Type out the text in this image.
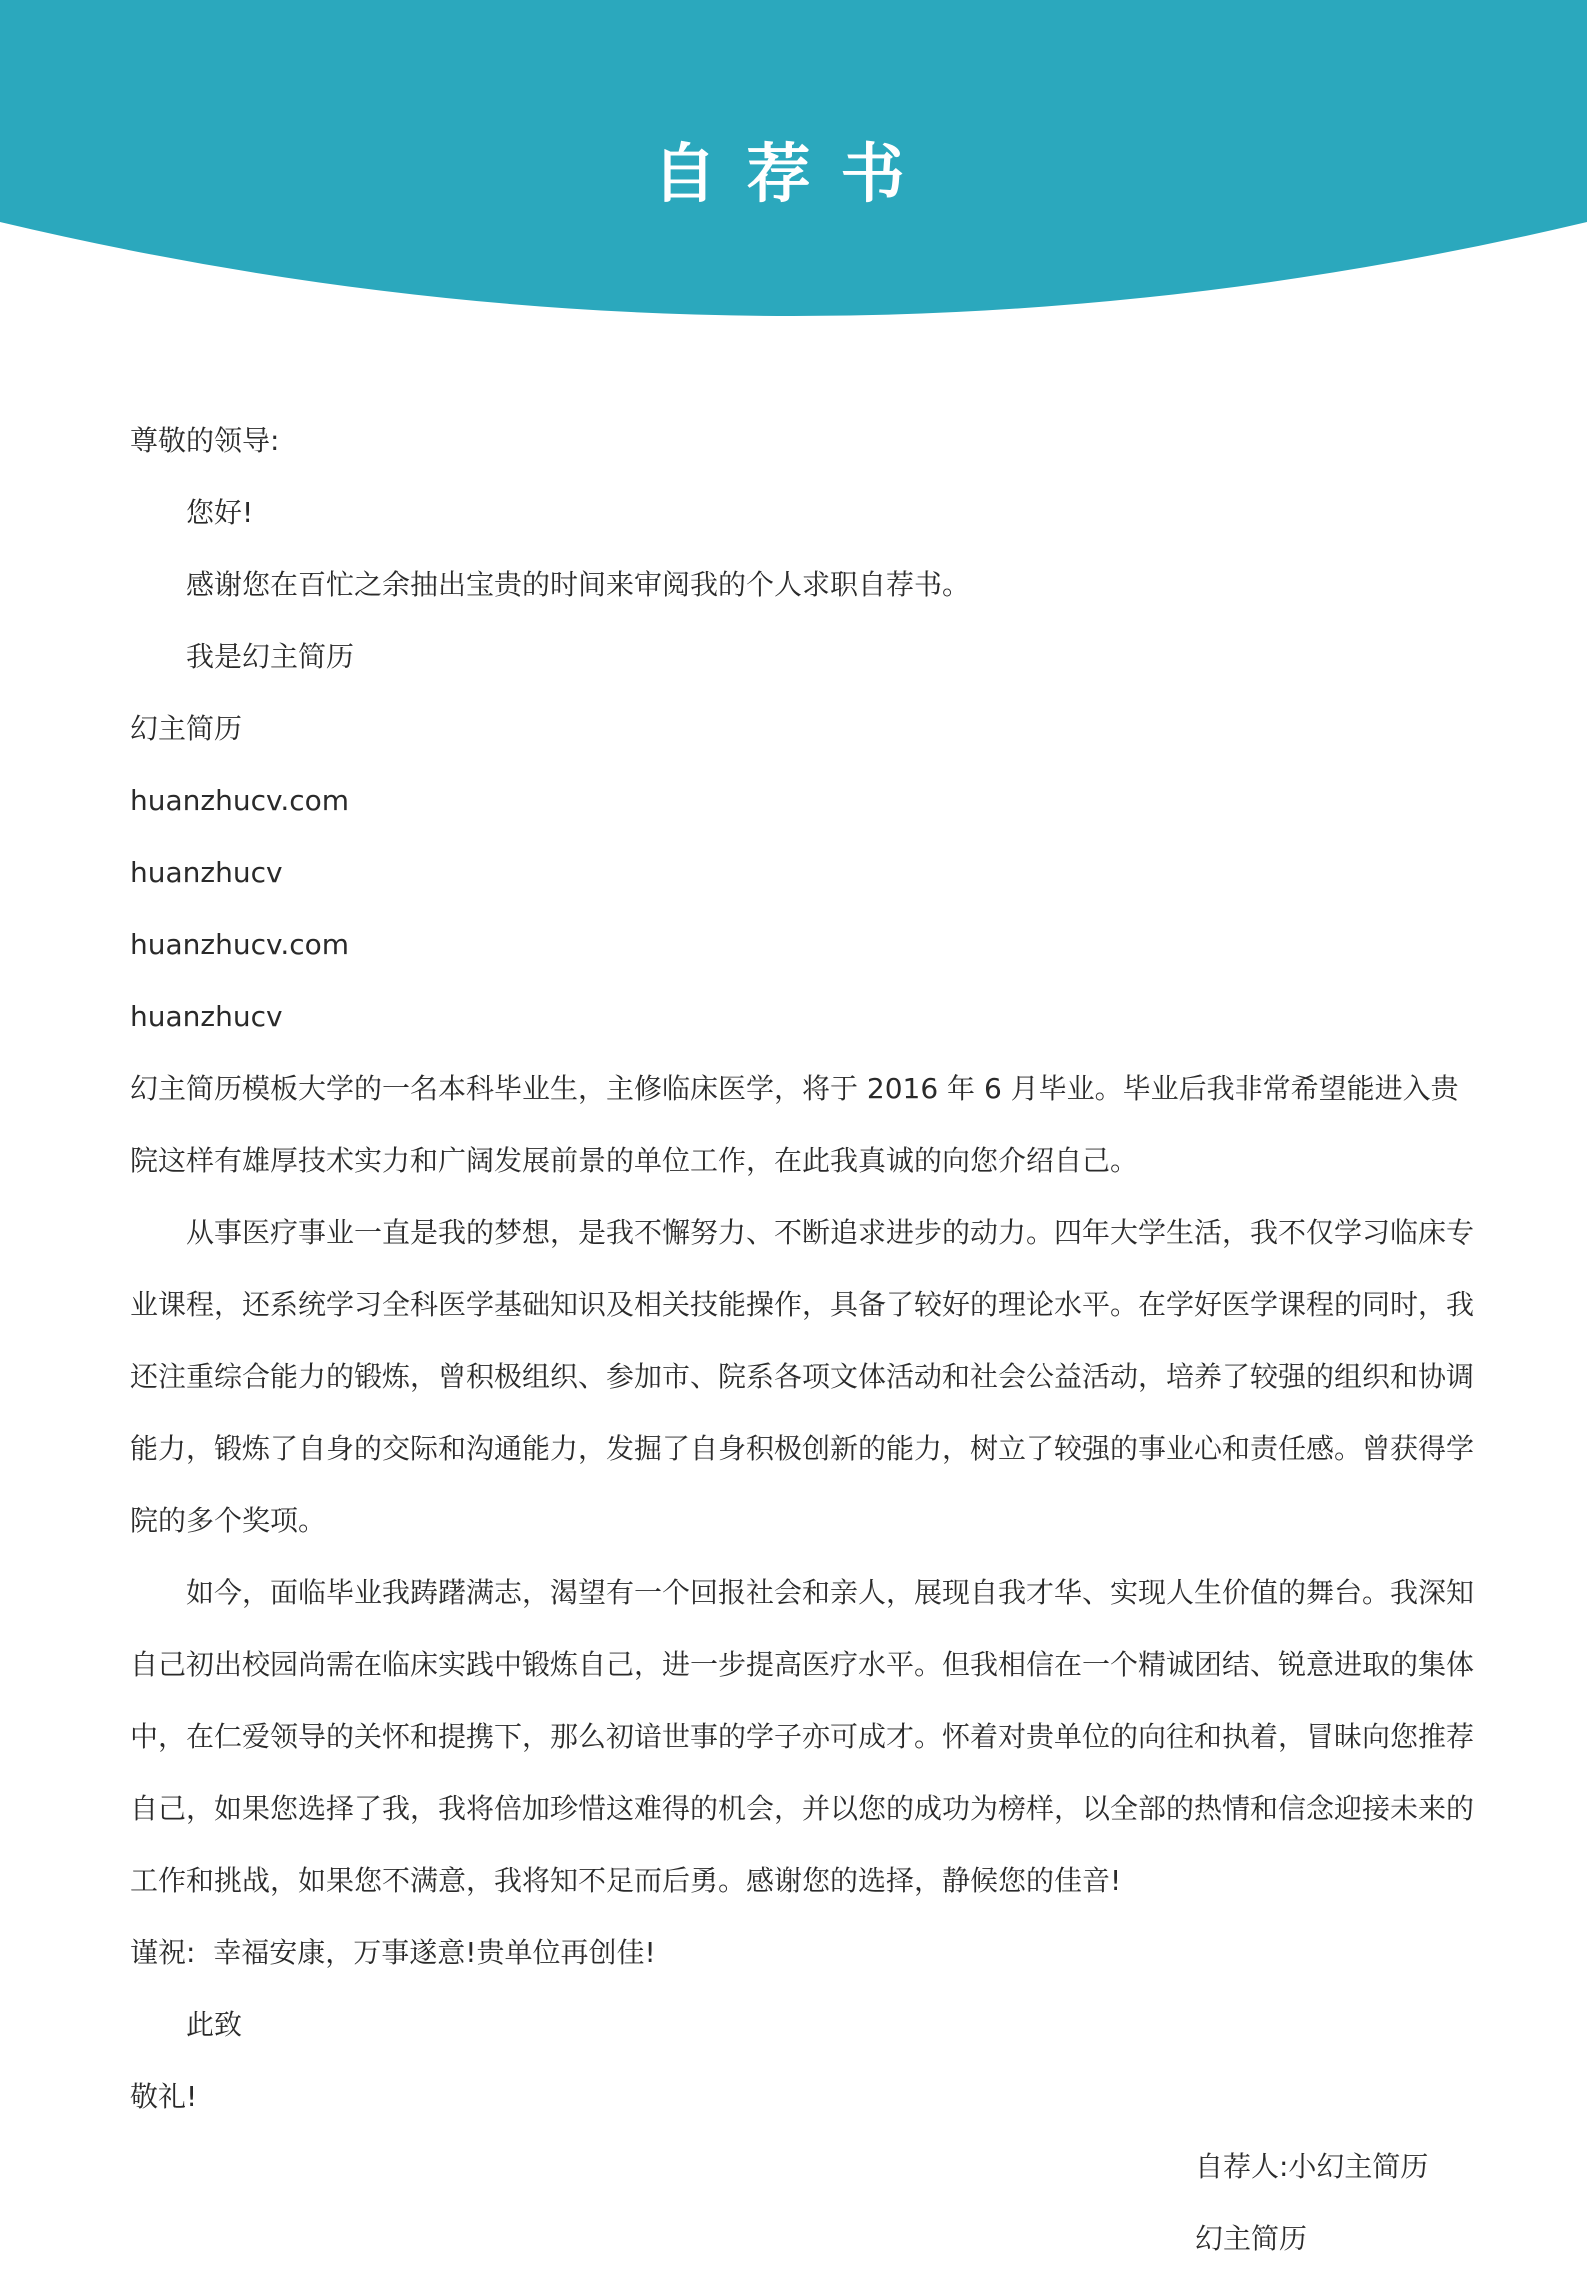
自荐书

尊敬的领导:

您好!

感谢您在百忙之余抽出宝贵的时间来审阅我的个人求职自荐书。

我是幻主简历

幻主简历

huanzhucv.com

huanzhucv

huanzhucv.com

huanzhucv

幻主简历模板大学的一名本科毕业生，主修临床医学，将于 2016 年 6 月毕业。毕业后我非常希望能进入贵院这样有雄厚技术实力和广阔发展前景的单位工作，在此我真诚的向您介绍自己。

从事医疗事业一直是我的梦想，是我不懈努力、不断追求进步的动力。四年大学生活，我不仅学习临床专业课程，还系统学习全科医学基础知识及相关技能操作，具备了较好的理论水平。在学好医学课程的同时，我还注重综合能力的锻炼，曾积极组织、参加市、院系各项文体活动和社会公益活动，培养了较强的组织和协调能力，锻炼了自身的交际和沟通能力，发掘了自身积极创新的能力，树立了较强的事业心和责任感。曾获得学院的多个奖项。

如今，面临毕业我踌躇满志，渴望有一个回报社会和亲人，展现自我才华、实现人生价值的舞台。我深知自己初出校园尚需在临床实践中锻炼自己，进一步提高医疗水平。但我相信在一个精诚团结、锐意进取的集体中，在仁爱领导的关怀和提携下，那么初谙世事的学子亦可成才。怀着对贵单位的向往和执着，冒昧向您推荐自己，如果您选择了我，我将倍加珍惜这难得的机会，并以您的成功为榜样，以全部的热情和信念迎接未来的工作和挑战，如果您不满意，我将知不足而后勇。感谢您的选择，静候您的佳音!

谨祝:  幸福安康，万事遂意!贵单位再创佳!

此致

敬礼!

自荐人:小幻主简历

幻主简历
